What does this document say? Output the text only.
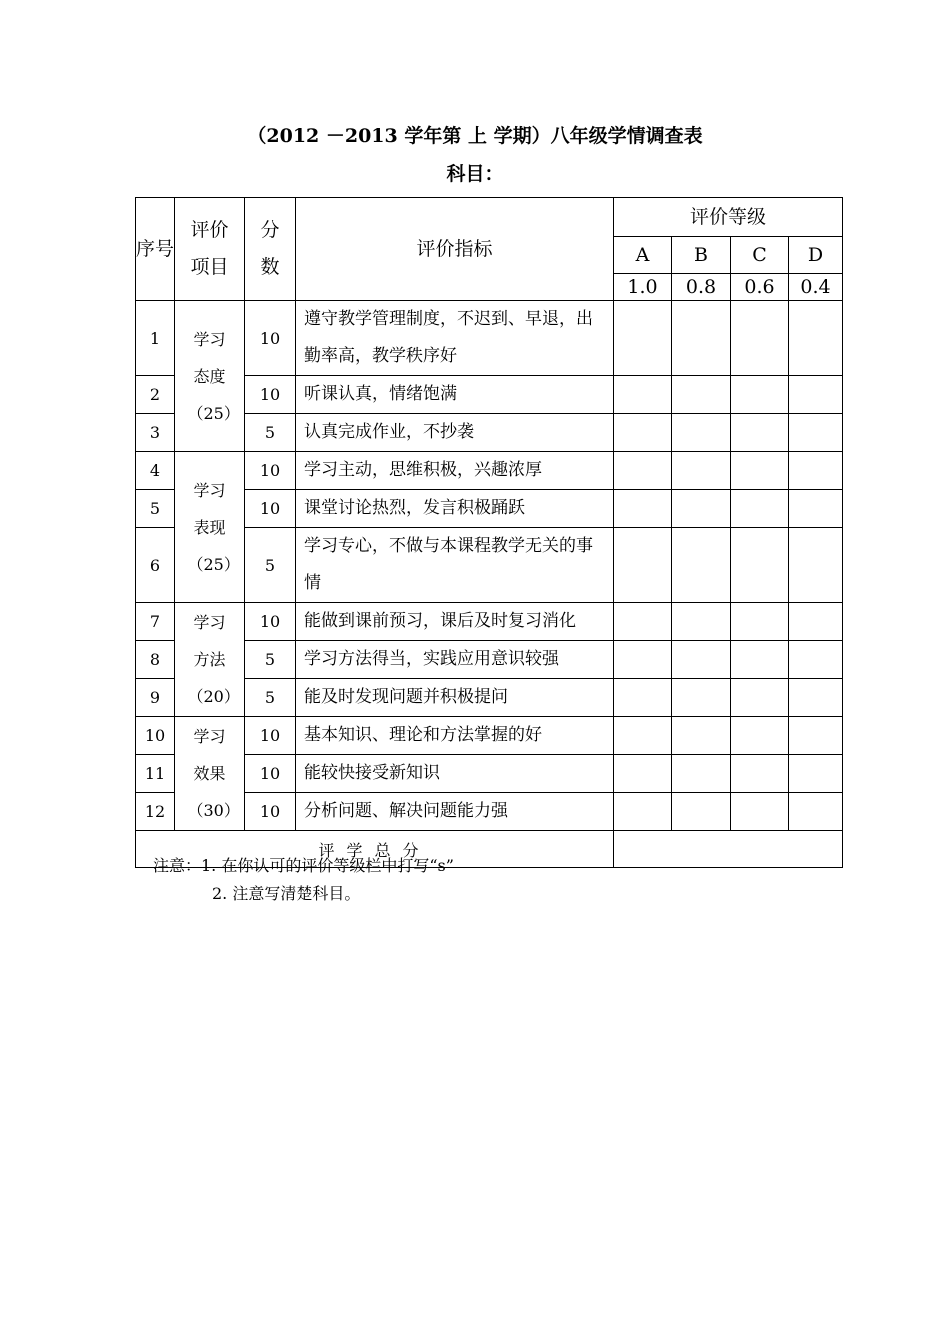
（2012 －2013 学年第 上 学期）八年级学情调查表
科目：
序号	评价项目	分数	评价指标	评价等级			
				A	B	C	D
				1.0	0.8	0.6	0.4
1	学习态度（25）	10	遵守教学管理制度，不迟到、早退，出勤率高，教学秩序好				
2		10	听课认真，情绪饱满				
3		5	认真完成作业，不抄袭				
4	学习表现（25）	10	学习主动，思维积极，兴趣浓厚				
5		10	课堂讨论热烈，发言积极踊跃				
6		5	学习专心，不做与本课程教学无关的事情				
7	学习方法（20）	10	能做到课前预习，课后及时复习消化				
8		5	学习方法得当，实践应用意识较强				
9		5	能及时发现问题并积极提问				
10	学习效果（30）	10	基本知识、理论和方法掌握的好				
11		10	能较快接受新知识				
12		10	分析问题、解决问题能力强				
评学总分							
注意：1. 在你认可的评价等级栏中打写“s”
2. 注意写清楚科目。
